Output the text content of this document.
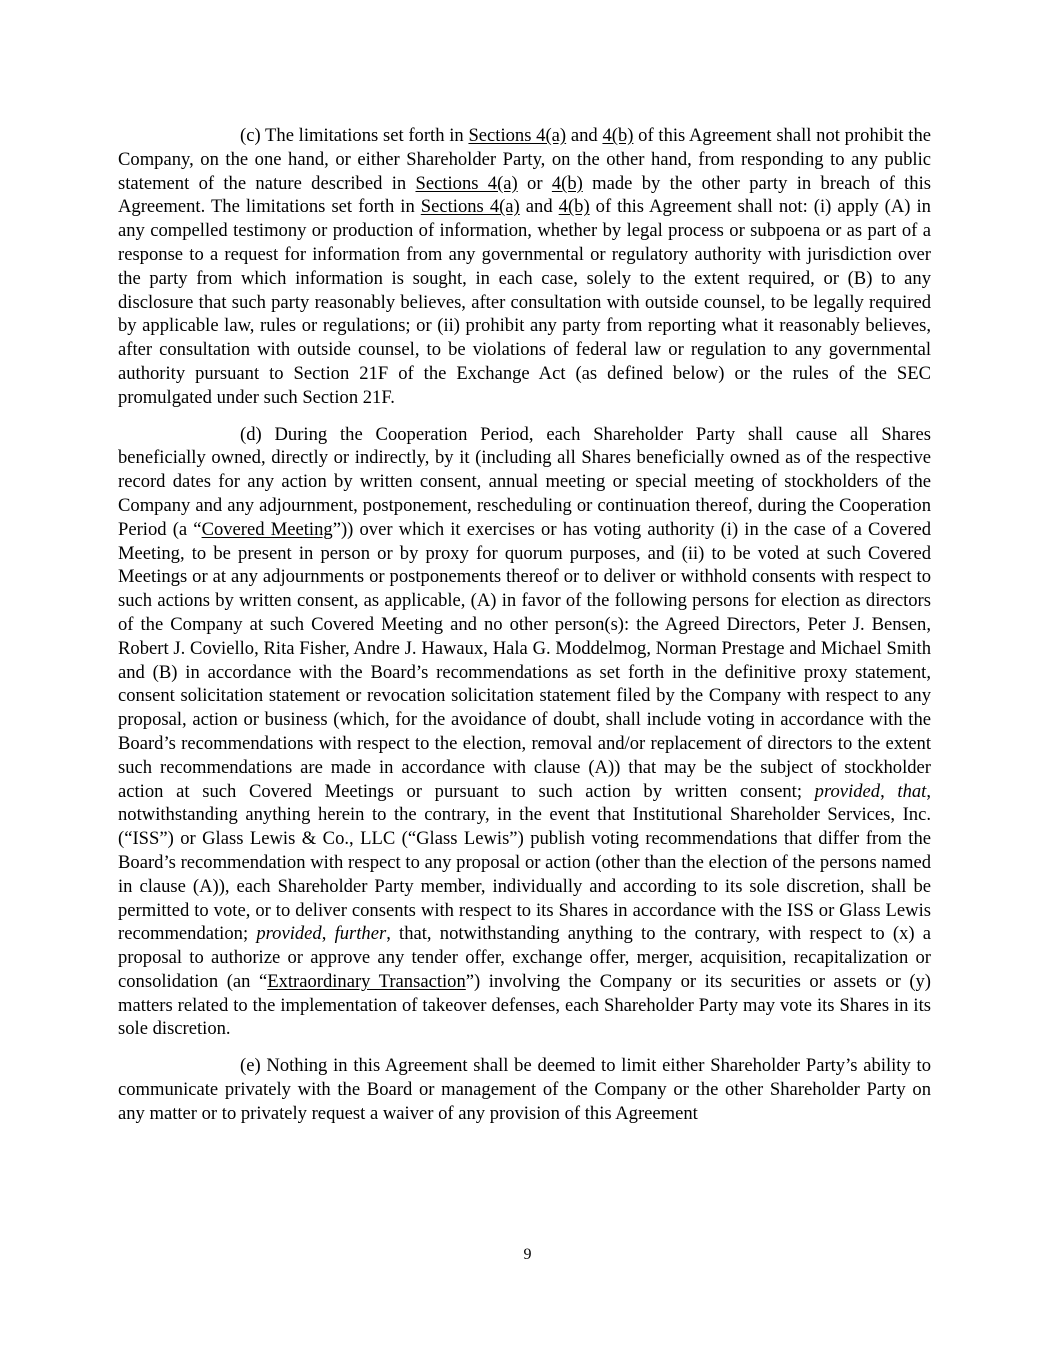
(c) The limitations set forth in Sections 4(a) and 4(b) of this Agreement shall not prohibit the Company, on the one hand, or either Shareholder Party, on the other hand, from responding to any public statement of the nature described in Sections 4(a) or 4(b) made by the other party in breach of this Agreement. The limitations set forth in Sections 4(a) and 4(b) of this Agreement shall not: (i) apply (A) in any compelled testimony or production of information, whether by legal process or subpoena or as part of a response to a request for information from any governmental or regulatory authority with jurisdiction over the party from which information is sought, in each case, solely to the extent required, or (B) to any disclosure that such party reasonably believes, after consultation with outside counsel, to be legally required by applicable law, rules or regulations; or (ii) prohibit any party from reporting what it reasonably believes, after consultation with outside counsel, to be violations of federal law or regulation to any governmental authority pursuant to Section 21F of the Exchange Act (as defined below) or the rules of the SEC promulgated under such Section 21F.

(d) During the Cooperation Period, each Shareholder Party shall cause all Shares beneficially owned, directly or indirectly, by it (including all Shares beneficially owned as of the respective record dates for any action by written consent, annual meeting or special meeting of stockholders of the Company and any adjournment, postponement, rescheduling or continuation thereof, during the Cooperation Period (a “Covered Meeting”)) over which it exercises or has voting authority (i) in the case of a Covered Meeting, to be present in person or by proxy for quorum purposes, and (ii) to be voted at such Covered Meetings or at any adjournments or postponements thereof or to deliver or withhold consents with respect to such actions by written consent, as applicable, (A) in favor of the following persons for election as directors of the Company at such Covered Meeting and no other person(s): the Agreed Directors, Peter J. Bensen, Robert J. Coviello, Rita Fisher, Andre J. Hawaux, Hala G. Moddelmog, Norman Prestage and Michael Smith and (B) in accordance with the Board’s recommendations as set forth in the definitive proxy statement, consent solicitation statement or revocation solicitation statement filed by the Company with respect to any proposal, action or business (which, for the avoidance of doubt, shall include voting in accordance with the Board’s recommendations with respect to the election, removal and/or replacement of directors to the extent such recommendations are made in accordance with clause (A)) that may be the subject of stockholder action at such Covered Meetings or pursuant to such action by written consent; provided, that, notwithstanding anything herein to the contrary, in the event that Institutional Shareholder Services, Inc. (“ISS”) or Glass Lewis & Co., LLC (“Glass Lewis”) publish voting recommendations that differ from the Board’s recommendation with respect to any proposal or action (other than the election of the persons named in clause (A)), each Shareholder Party member, individually and according to its sole discretion, shall be permitted to vote, or to deliver consents with respect to its Shares in accordance with the ISS or Glass Lewis recommendation; provided, further, that, notwithstanding anything to the contrary, with respect to (x) a proposal to authorize or approve any tender offer, exchange offer, merger, acquisition, recapitalization or consolidation (an “Extraordinary Transaction”) involving the Company or its securities or assets or (y) matters related to the implementation of takeover defenses, each Shareholder Party may vote its Shares in its sole discretion.

(e) Nothing in this Agreement shall be deemed to limit either Shareholder Party’s ability to communicate privately with the Board or management of the Company or the other Shareholder Party on any matter or to privately request a waiver of any provision of this Agreement

9
